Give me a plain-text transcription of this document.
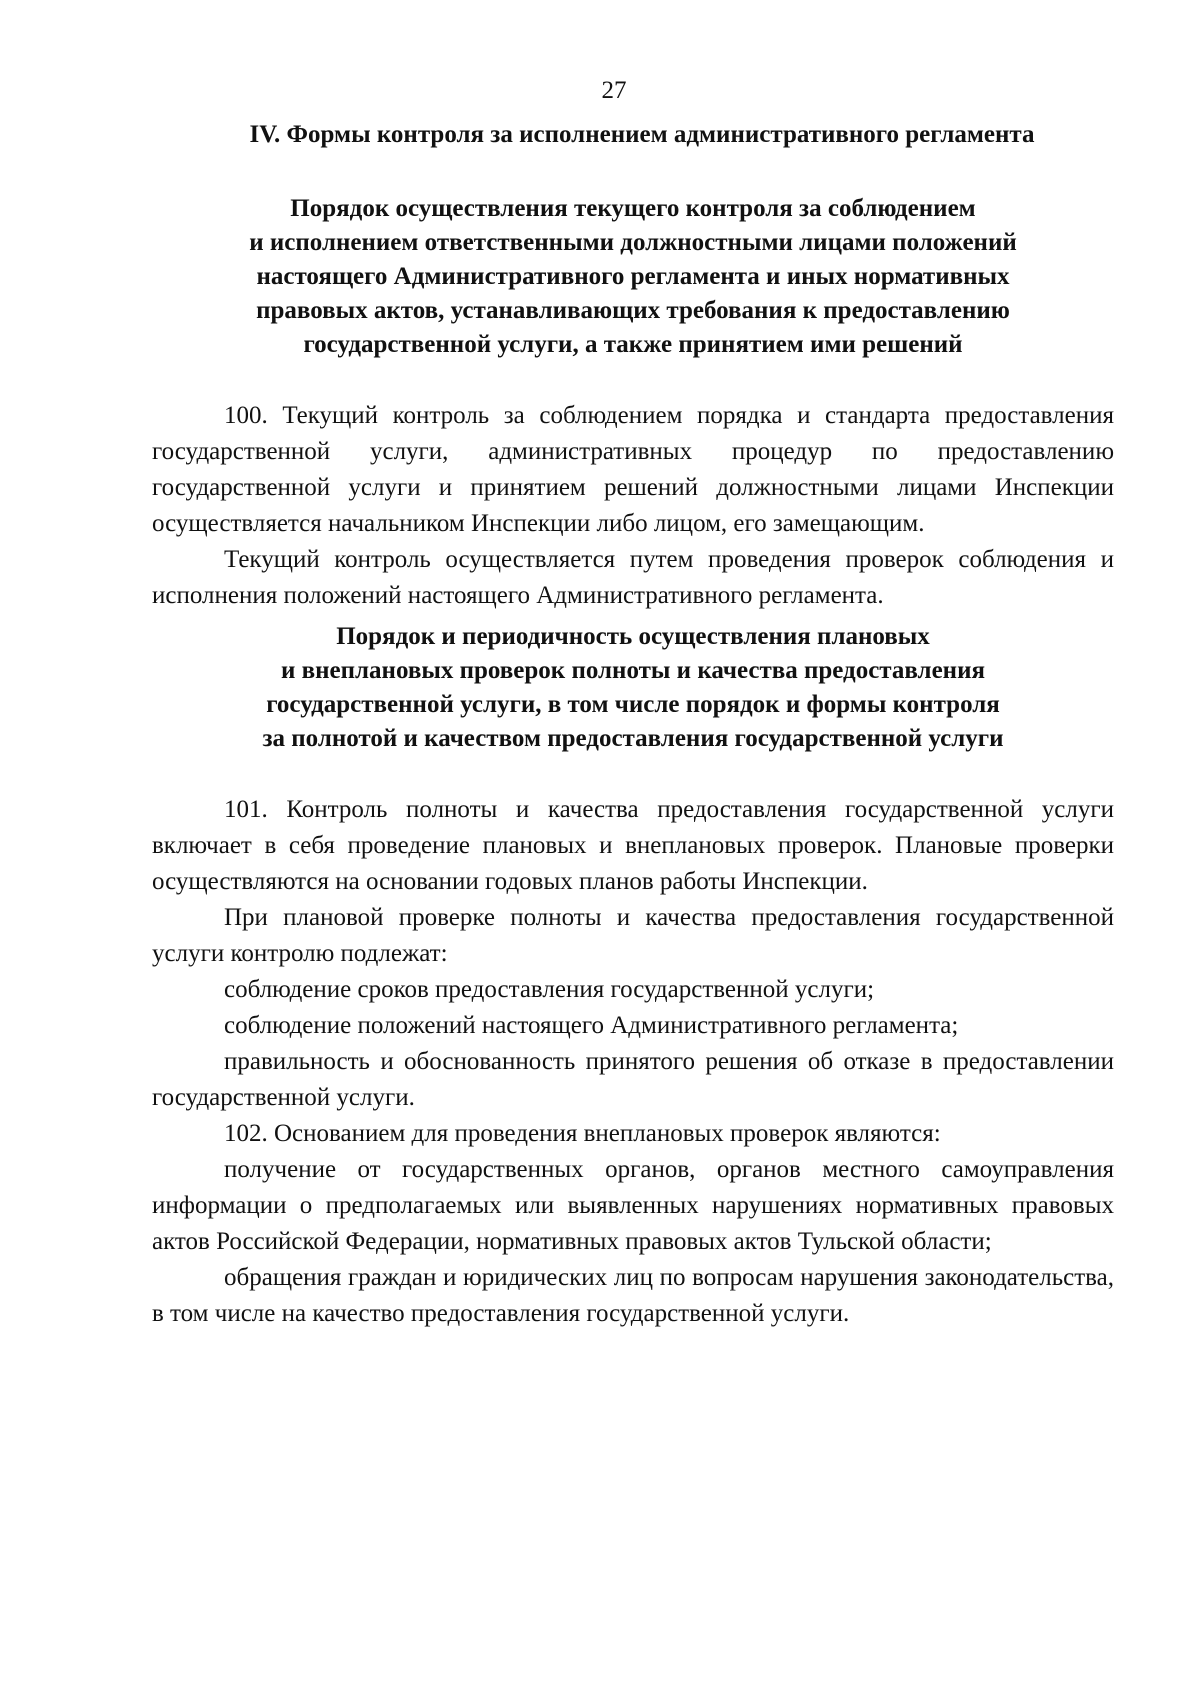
27
IV. Формы контроля за исполнением административного регламента
Порядок осуществления текущего контроля за соблюдением
и исполнением ответственными должностными лицами положений
настоящего Административного регламента и иных нормативных
правовых актов, устанавливающих требования к предоставлению
государственной услуги, а также принятием ими решений

100. Текущий контроль за соблюдением порядка и стандарта предоставления государственной услуги, административных процедур по предоставлению государственной услуги и принятием решений должностными лицами Инспекции осуществляется начальником Инспекции либо лицом, его замещающим.

Текущий контроль осуществляется путем проведения проверок соблюдения и исполнения положений настоящего Административного регламента.

Порядок и периодичность осуществления плановых
и внеплановых проверок полноты и качества предоставления
государственной услуги, в том числе порядок и формы контроля
за полнотой и качеством предоставления государственной услуги

101. Контроль полноты и качества предоставления государственной услуги включает в себя проведение плановых и внеплановых проверок. Плановые проверки осуществляются на основании годовых планов работы Инспекции.

При плановой проверке полноты и качества предоставления государственной услуги контролю подлежат:

соблюдение сроков предоставления государственной услуги;

соблюдение положений настоящего Административного регламента;

правильность и обоснованность принятого решения об отказе в предоставлении государственной услуги.

102. Основанием для проведения внеплановых проверок являются:

получение от государственных органов, органов местного самоуправления информации о предполагаемых или выявленных нарушениях нормативных правовых актов Российской Федерации, нормативных правовых актов Тульской области;

обращения граждан и юридических лиц по вопросам нарушения законодательства, в том числе на качество предоставления государственной услуги.
